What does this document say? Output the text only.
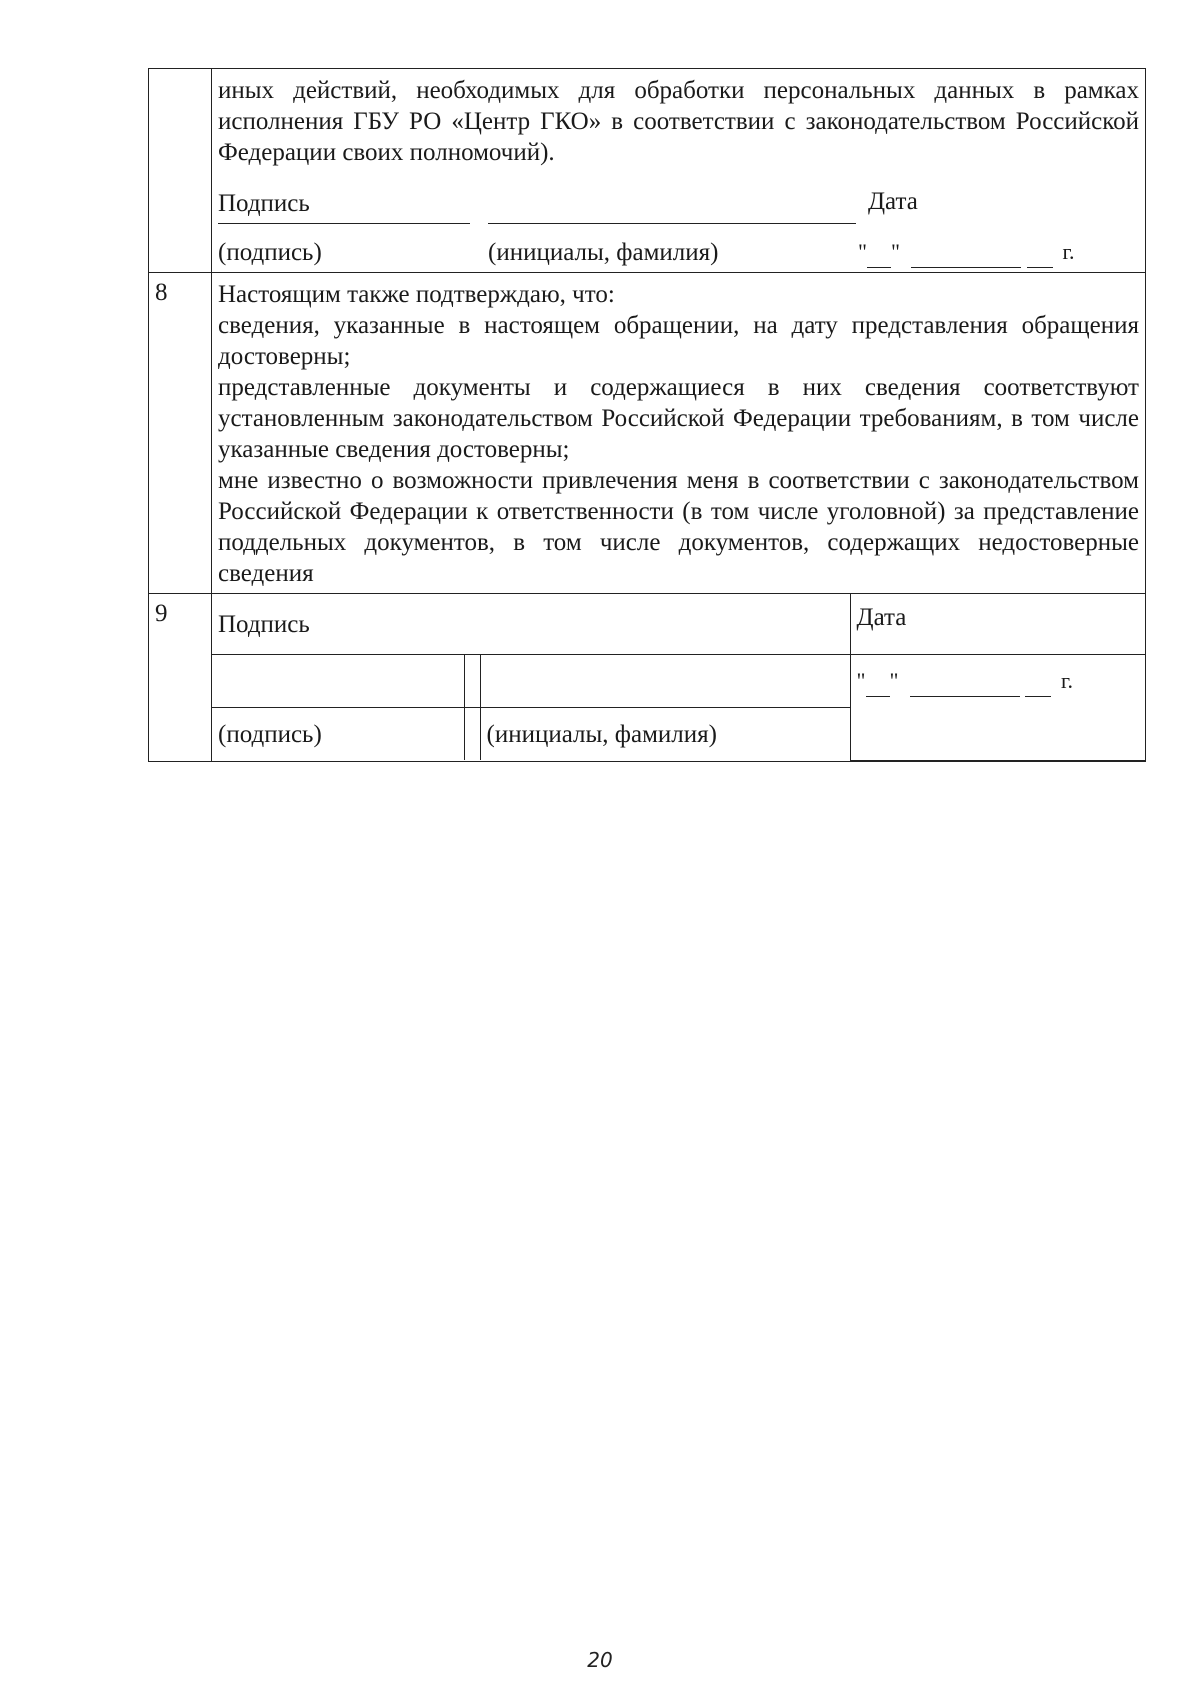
иных действий, необходимых для обработки персональных данных в рамках исполнения ГБУ РО «Центр ГКО» в соответствии с законодательством Российской Федерации своих полномочий).
Подпись	Дата
(подпись)	(инициалы, фамилия)	" "	г.

8	Настоящим также подтверждаю, что:
сведения, указанные в настоящем обращении, на дату представления обращения достоверны;
представленные документы и содержащиеся в них сведения соответствуют установленным законодательством Российской Федерации требованиям, в том числе указанные сведения достоверны;
мне известно о возможности привлечения меня в соответствии с законодательством Российской Федерации к ответственности (в том числе уголовной) за представление поддельных документов, в том числе документов, содержащих недостоверные сведения

9	Подпись	Дата

" "	г.

(подпись)		(инициалы, фамилия)
20
